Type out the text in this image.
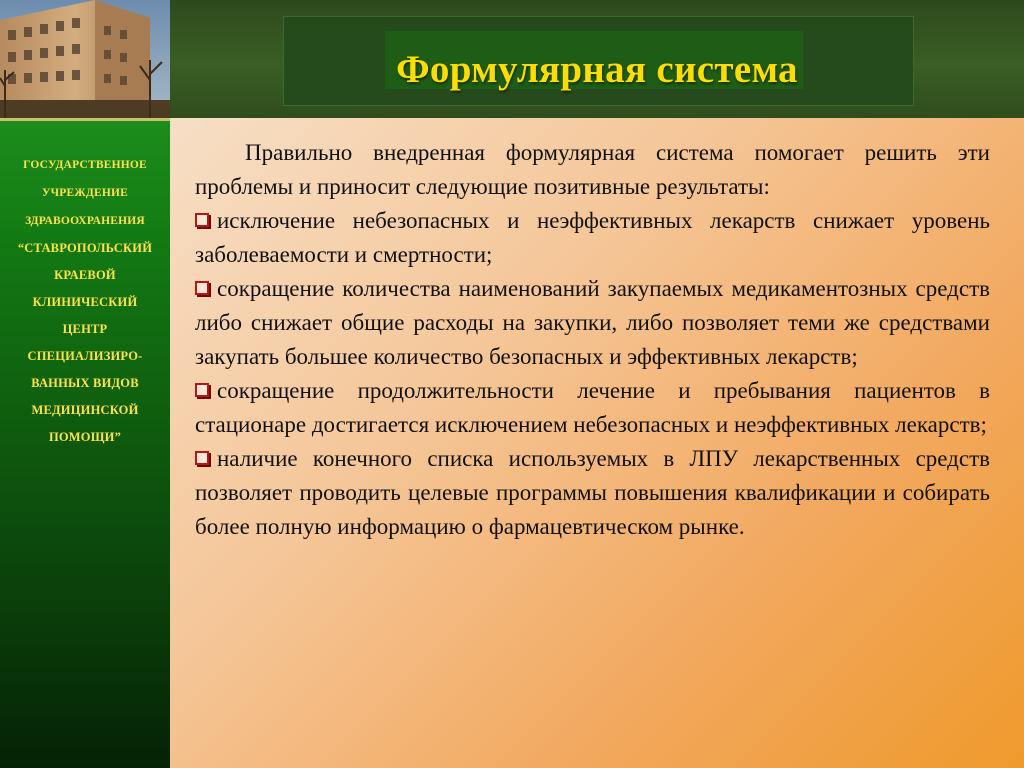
Формулярная система
ГОСУДАРСТВЕННОЕ
УЧРЕЖДЕНИЕ
ЗДРАВООХРАНЕНИЯ
“СТАВРОПОЛЬСКИЙ
КРАЕВОЙ
КЛИНИЧЕСКИЙ
ЦЕНТР
СПЕЦИАЛИЗИРО-
ВАННЫХ ВИДОВ
МЕДИЦИНСКОЙ
ПОМОЩИ”

Правильно внедренная формулярная система помогает решить эти проблемы и приносит следующие позитивные результаты:

исключение небезопасных и неэффективных лекарств снижает уровень заболеваемости и смертности;

сокращение количества наименований закупаемых медикаментозных средств либо снижает общие расходы на закупки, либо позволяет теми же средствами закупать большее количество безопасных и эффективных лекарств;

сокращение продолжительности лечение и пребывания пациентов в стационаре достигается исключением небезопасных и неэффективных лекарств;

наличие конечного списка используемых в ЛПУ лекарственных средств позволяет проводить целевые программы повышения квалификации и собирать более полную информацию о фармацевтическом рынке.
